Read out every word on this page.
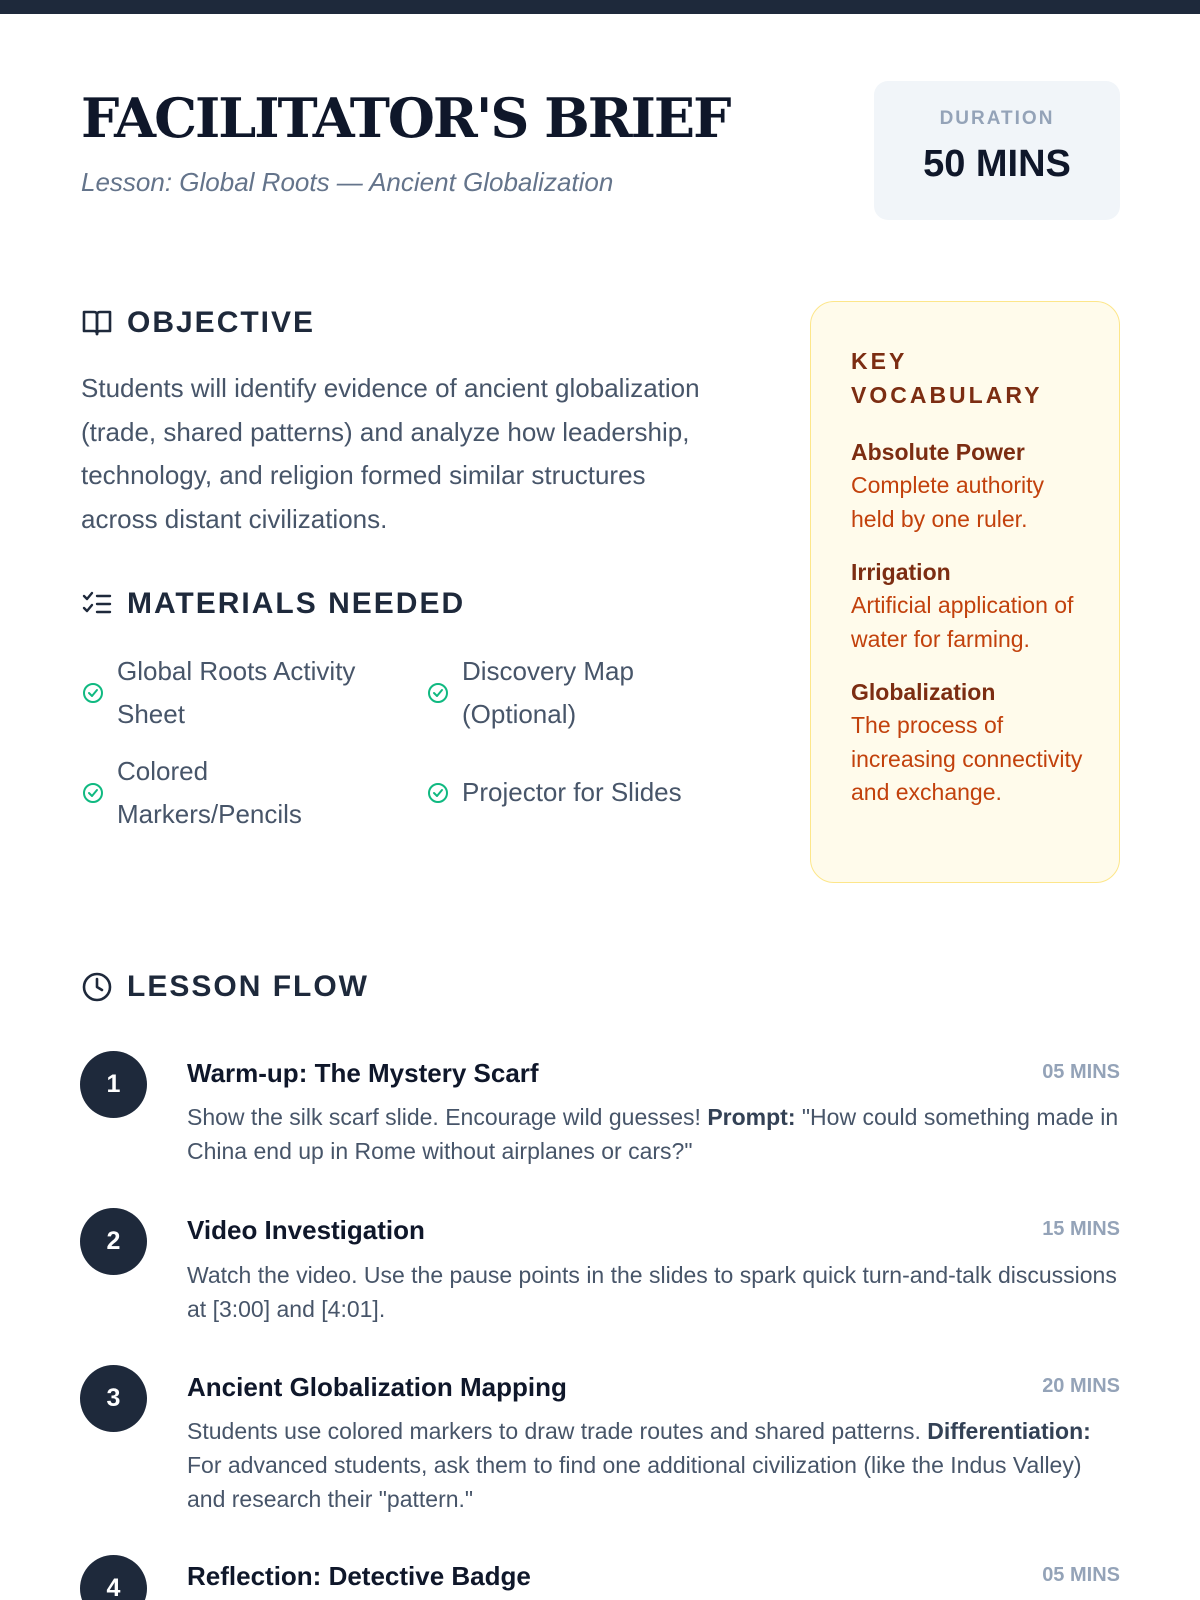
FACILITATOR'S BRIEF
Lesson: Global Roots — Ancient Globalization
DURATION
50 MINS
OBJECTIVE

Students will identify evidence of ancient globalization (trade, shared patterns) and analyze how leadership, technology, and religion formed similar structures across distant civilizations.

MATERIALS NEEDED
Global Roots Activity Sheet
Discovery Map (Optional)
Colored Markers/Pencils
Projector for Slides
KEY VOCABULARY
Absolute Power
Complete authority held by one ruler.
Irrigation
Artificial application of water for farming.
Globalization
The process of increasing connectivity and exchange.
LESSON FLOW
1	Warm-up: The Mystery Scarf	05 MINS

Show the silk scarf slide. Encourage wild guesses! Prompt: "How could something made in China end up in Rome without airplanes or cars?"

2	Video Investigation	15 MINS

Watch the video. Use the pause points in the slides to spark quick turn-and-talk discussions at [3:00] and [4:01].

3	Ancient Globalization Mapping	20 MINS

Students use colored markers to draw trade routes and shared patterns. Differentiation: For advanced students, ask them to find one additional civilization (like the Indus Valley) and research their "pattern."

4	Reflection: Detective Badge	05 MINS
